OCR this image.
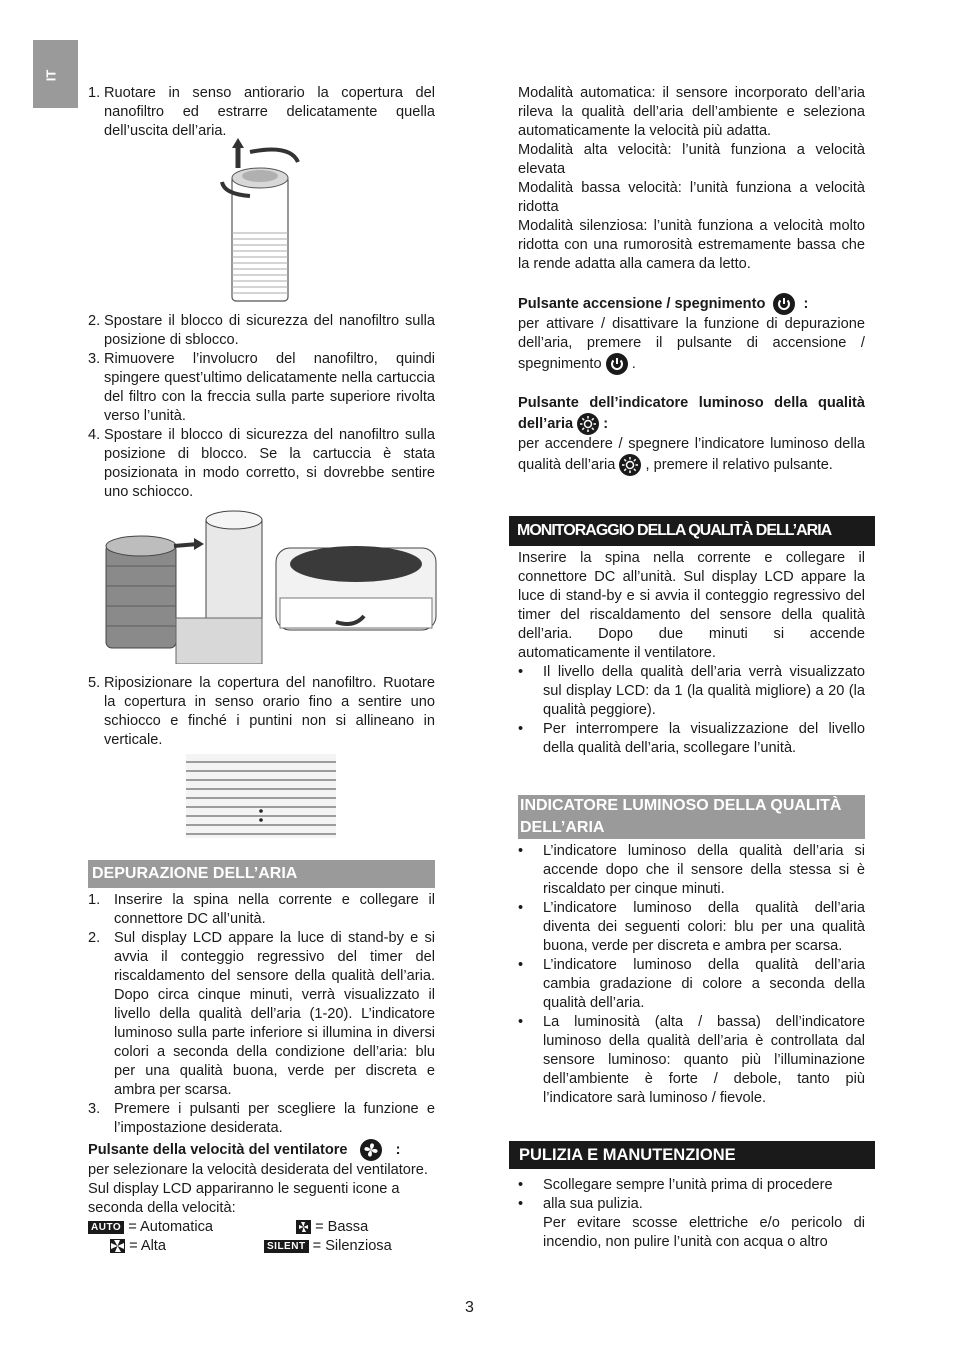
IT
1. Ruotare in senso antiorario la copertura del nanofiltro ed estrarre delicatamente quella dell’uscita dell’aria.
2. Spostare il blocco di sicurezza del nanofiltro sulla posizione di sblocco.
3. Rimuovere l’involucro del nanofiltro, quindi spingere quest’ultimo delicatamente nella cartuccia del filtro con la freccia sulla parte superiore rivolta verso l’unità.
4. Spostare il blocco di sicurezza del nanofiltro sulla posizione di blocco. Se la cartuccia è stata posizionata in modo corretto, si dovrebbe sentire uno schiocco.
5. Riposizionare la copertura del nanofiltro. Ruotare la copertura in senso orario fino a sentire uno schiocco e finché i puntini non si allineano in verticale.
DEPURAZIONE DELL’ARIA
1. Inserire la spina nella corrente e collegare il connettore DC all’unità.
2. Sul display LCD appare la luce di stand-by e si avvia il conteggio regressivo del timer del riscaldamento del sensore della qualità dell’aria. Dopo circa cinque minuti, verrà visualizzato il livello della qualità dell’aria (1-20). L’indicatore luminoso sulla parte inferiore si illumina in diversi colori a seconda della condizione dell’aria: blu per una qualità buona, verde per discreta e ambra per scarsa.
3. Premere i pulsanti per scegliere la funzione e l’impostazione desiderata.

Pulsante della velocità del ventilatore	:

per selezionare la velocità desiderata del ventilatore. Sul display LCD appariranno le seguenti icone a seconda della velocità:

AUTO = Automatica	= Bassa
= Alta	SILENT = Silenziosa

Modalità automatica: il sensore incorporato dell’aria rileva la qualità dell’aria dell’ambiente e seleziona automaticamente la velocità più adatta.

Modalità alta velocità: l’unità funziona a velocità elevata

Modalità bassa velocità: l’unità funziona a velocità ridotta

Modalità silenziosa: l’unità funziona a velocità molto ridotta con una rumorosità estremamente bassa che la rende adatta alla camera da letto.

Pulsante accensione / spegnimento	:

per attivare / disattivare la funzione di depurazione dell’aria, premere il pulsante di accensione / spegnimento .

Pulsante dell’indicatore luminoso della qualità dell’aria :

per accendere / spegnere l’indicatore luminoso della qualità dell’aria , premere il relativo pulsante.

MONITORAGGIO DELLA QUALITÀ DELL’ARIA

Inserire la spina nella corrente e collegare il connettore DC all’unità. Sul display LCD appare la luce di stand-by e si avvia il conteggio regressivo del timer del riscaldamento del sensore della qualità dell’aria. Dopo due minuti si accende automaticamente il ventilatore.

• Il livello della qualità dell’aria verrà visualizzato sul display LCD: da 1 (la qualità migliore) a 20 (la qualità peggiore).
• Per interrompere la visualizzazione del livello della qualità dell’aria, scollegare l’unità.
INDICATORE LUMINOSO DELLA QUALITÀ DELL’ARIA
• L’indicatore luminoso della qualità dell’aria si accende dopo che il sensore della stessa si è riscaldato per cinque minuti.
• L’indicatore luminoso della qualità dell’aria diventa dei seguenti colori: blu per una qualità buona, verde per discreta e ambra per scarsa.
• L’indicatore luminoso della qualità dell’aria cambia gradazione di colore a seconda della qualità dell’aria.
• La luminosità (alta / bassa) dell’indicatore luminoso della qualità dell’aria è controllata dal sensore luminoso: quanto più l’illuminazione dell’ambiente è forte / debole, tanto più l’indicatore sarà luminoso / fievole.
PULIZIA E MANUTENZIONE
• Scollegare sempre l’unità prima di procedere
• alla sua pulizia.

Per evitare scosse elettriche e/o pericolo di incendio, non pulire l’unità con acqua o altro

3
